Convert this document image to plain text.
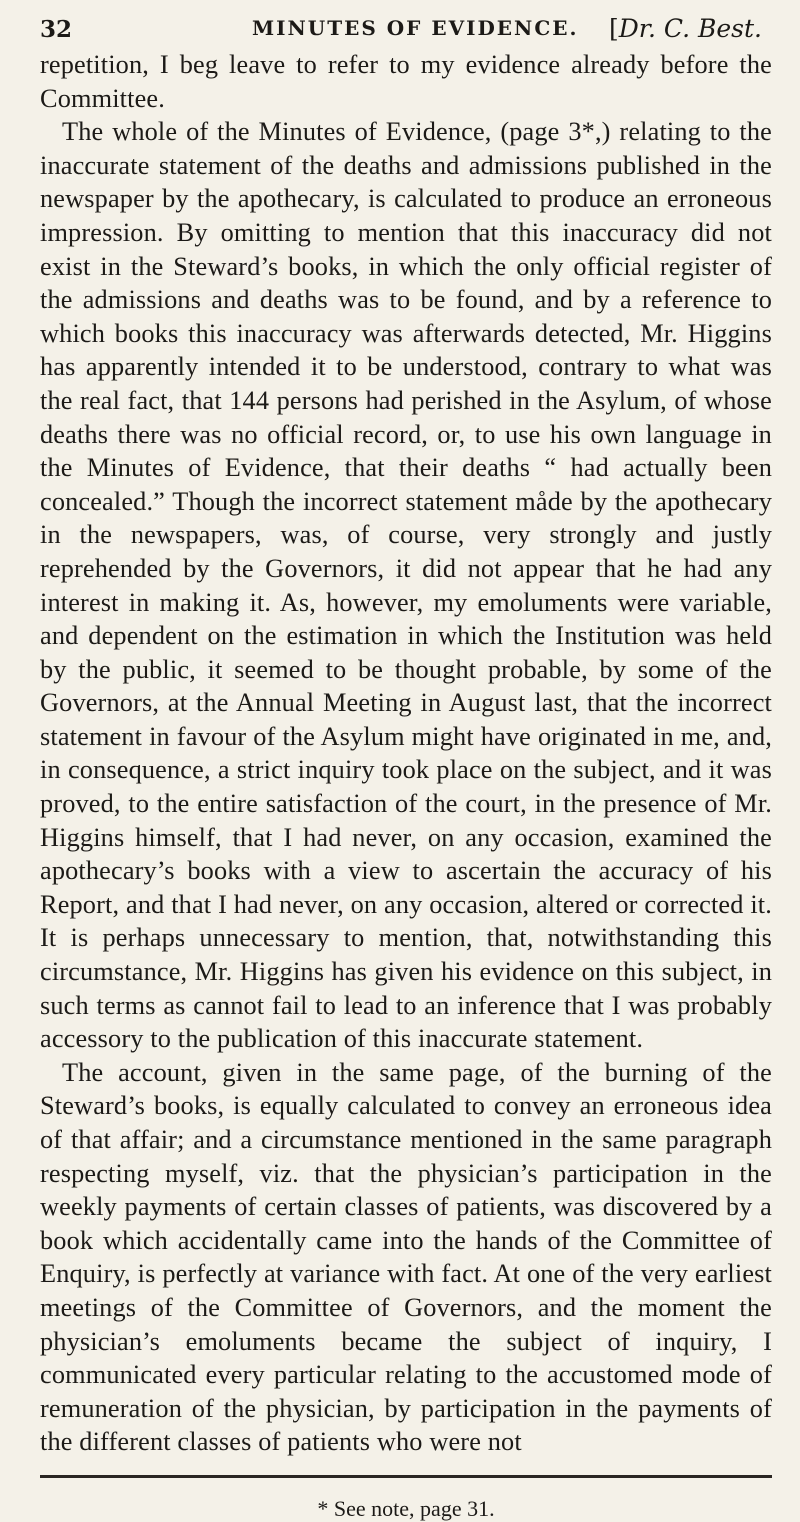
32	MINUTES OF EVIDENCE. [Dr. C. Best.

repetition, I beg leave to refer to my evidence already before the Committee.

The whole of the Minutes of Evidence, (page 3*,) relating to the inaccurate statement of the deaths and admissions published in the newspaper by the apothecary, is calculated to produce an erroneous impression. By omitting to mention that this inaccuracy did not exist in the Steward’s books, in which the only official register of the admissions and deaths was to be found, and by a reference to which books this inaccuracy was afterwards detected, Mr. Higgins has apparently intended it to be understood, contrary to what was the real fact, that 144 persons had perished in the Asylum, of whose deaths there was no official record, or, to use his own language in the Minutes of Evidence, that their deaths “ had actually been concealed.” Though the incorrect statement måde by the apothecary in the newspapers, was, of course, very strongly and justly reprehended by the Governors, it did not appear that he had any interest in making it. As, however, my emoluments were variable, and dependent on the estimation in which the Institution was held by the public, it seemed to be thought probable, by some of the Governors, at the Annual Meeting in August last, that the incorrect statement in favour of the Asylum might have originated in me, and, in consequence, a strict inquiry took place on the subject, and it was proved, to the entire satisfaction of the court, in the presence of Mr. Higgins himself, that I had never, on any occasion, examined the apothecary’s books with a view to ascertain the accuracy of his Report, and that I had never, on any occasion, altered or corrected it. It is perhaps unnecessary to mention, that, notwithstanding this circumstance, Mr. Higgins has given his evidence on this subject, in such terms as cannot fail to lead to an inference that I was probably accessory to the publication of this inaccurate statement.

The account, given in the same page, of the burning of the Steward’s books, is equally calculated to convey an erroneous idea of that affair; and a circumstance mentioned in the same paragraph respecting myself, viz. that the physician’s participation in the weekly payments of certain classes of patients, was discovered by a book which accidentally came into the hands of the Committee of Enquiry, is perfectly at variance with fact. At one of the very earliest meetings of the Committee of Governors, and the moment the physician’s emoluments became the subject of inquiry, I communicated every particular relating to the accustomed mode of remuneration of the physician, by participation in the payments of the different classes of patients who were not

* See note, page 31.
